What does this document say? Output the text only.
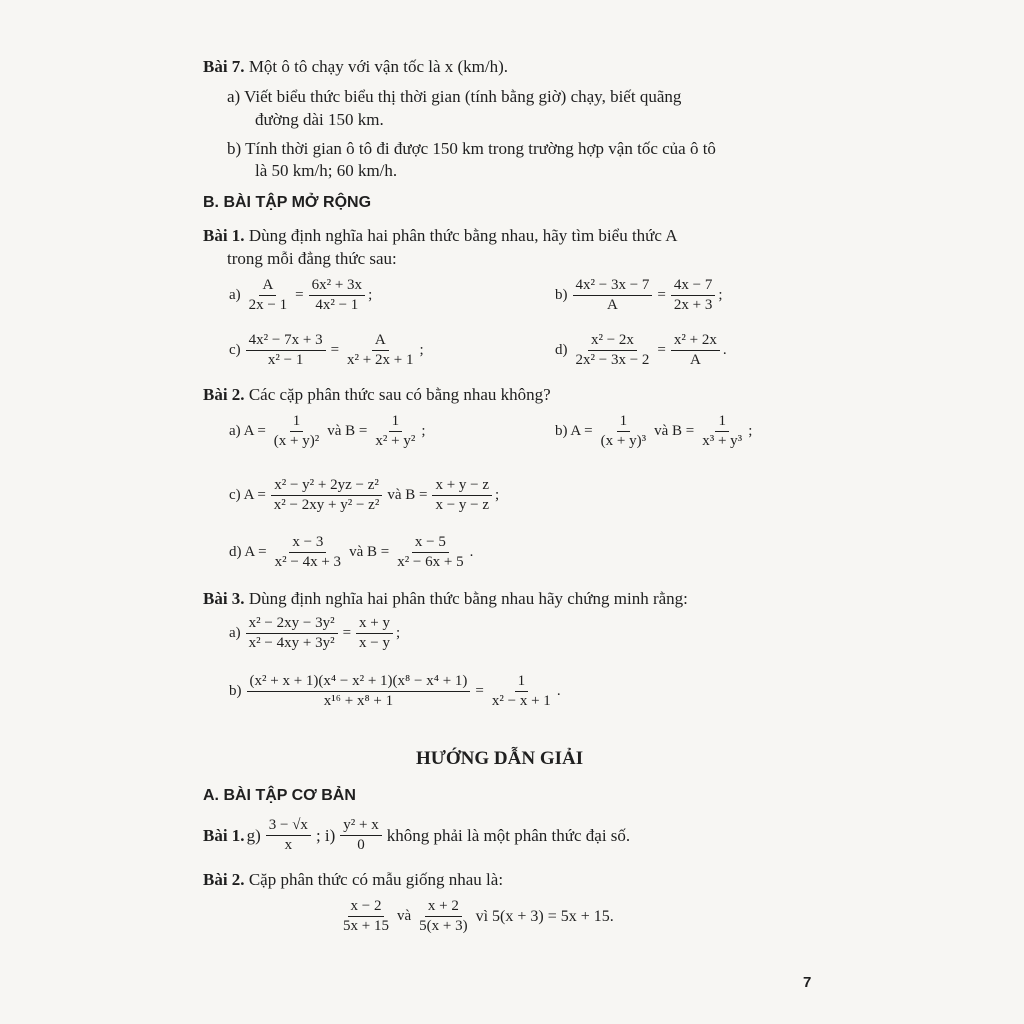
Bài 7. Một ô tô chạy với vận tốc là x (km/h).
a) Viết biểu thức biểu thị thời gian (tính bằng giờ) chạy, biết quãng
đường dài 150 km.
b) Tính thời gian ô tô đi được 150 km trong trường hợp vận tốc của ô tô
là 50 km/h; 60 km/h.
B. BÀI TẬP MỞ RỘNG
Bài 1. Dùng định nghĩa hai phân thức bằng nhau, hãy tìm biểu thức A
trong mỗi đẳng thức sau:
$a) \frac{A}{2x - 1} = \frac{\text{6x² + 3x}}{\text{4x² − 1}}$ ;	$b) \frac{\text{4x² − 3x − 7}}{A} = \frac{4x - 7}{2x + 3}$ ;
$c) \frac{\text{4x² − 7x + 3}}{\text{x² − 1}} = \frac{A}{\text{x² + 2x + 1}}$ ;	$d) \frac{\text{x² − 2x}}{\text{2x² − 3x − 2}} = \frac{\text{x² + 2x}}{A}$ .
Bài 2. Các cặp phân thức sau có bằng nhau không?
a) $A = \frac{1}{\text{(x + y)²}}$ và $B = \frac{1}{\text{x² + y²}}$ ;	b) $A = \frac{1}{\text{(x + y)³}}$ và $B = \frac{1}{\text{x³ + y³}}$ ;
c) $A = \frac{\text{x² − y² + 2yz − z²}}{\text{x² − 2xy + y² − z²}}$ và $B = \frac{x + y - z}{x - y - z}$ ;
d) $A = \frac{x - 3}{\text{x² − 4x + 3}}$ và $B = \frac{x - 5}{\text{x² − 6x + 5}}$ .
Bài 3. Dùng định nghĩa hai phân thức bằng nhau hãy chứng minh rằng:
$a) \frac{\text{x² − 2xy − 3y²}}{\text{x² − 4xy + 3y²}} = \frac{x + y}{x - y}$ ;
$b) \frac{\text{(x² + x + 1)(x⁴ − x² + 1)(x⁸ − x⁴ + 1)}}{\text{x¹⁶ + x⁸ + 1}} = \frac{1}{\text{x² − x + 1}}$ .
HƯỚNG DẪN GIẢI
A. BÀI TẬP CƠ BẢN
Bài 1. $g) \frac{3 - √x}{x}$ ; $i) \frac{\text{y² + x}}{0}$ không phải là một phân thức đại số.
Bài 2. Cặp phân thức có mẫu giống nhau là:
$\frac{x - 2}{5x + 15}$ và $\frac{x + 2}{5(x + 3)}$ vì 5(x + 3) = 5x + 15.
7
